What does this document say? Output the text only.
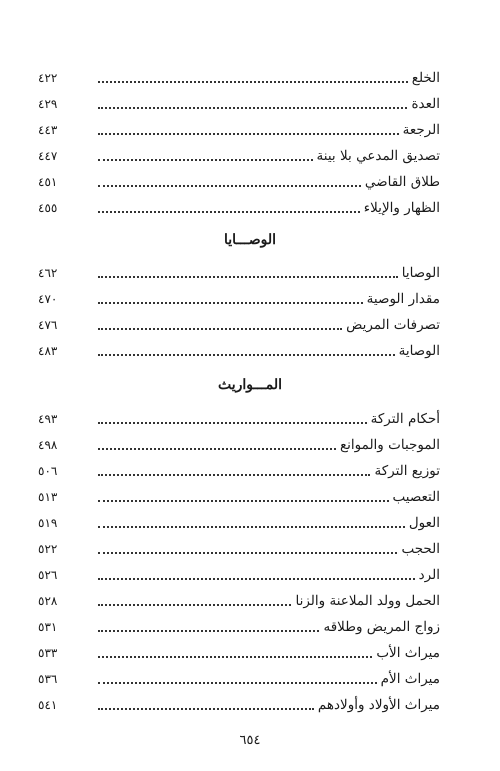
٤٢٢	الخلع
٤٢٩	العدة
٤٤٣	الرجعة
٤٤٧	تصديق المدعي بلا بينة
٤٥١	طلاق القاضي
٤٥٥	الظهار والإيلاء
الوصـــايا
٤٦٢	الوصايا
٤٧٠	مقدار الوصية
٤٧٦	تصرفات المريض
٤٨٣	الوصاية
المـــواريث
٤٩٣	أحكام التركة
٤٩٨	الموجبات والموانع
٥٠٦	توزيع التركة
٥١٣	التعصيب
٥١٩	العول
٥٢٢	الحجب
٥٢٦	الرد
٥٢٨	الحمل وولد الملاعنة والزنا
٥٣١	زواج المريض وطلاقه
٥٣٣	ميراث الأب
٥٣٦	ميراث الأم
٥٤١	ميراث الأولاد وأولادهم
٦٥٤
